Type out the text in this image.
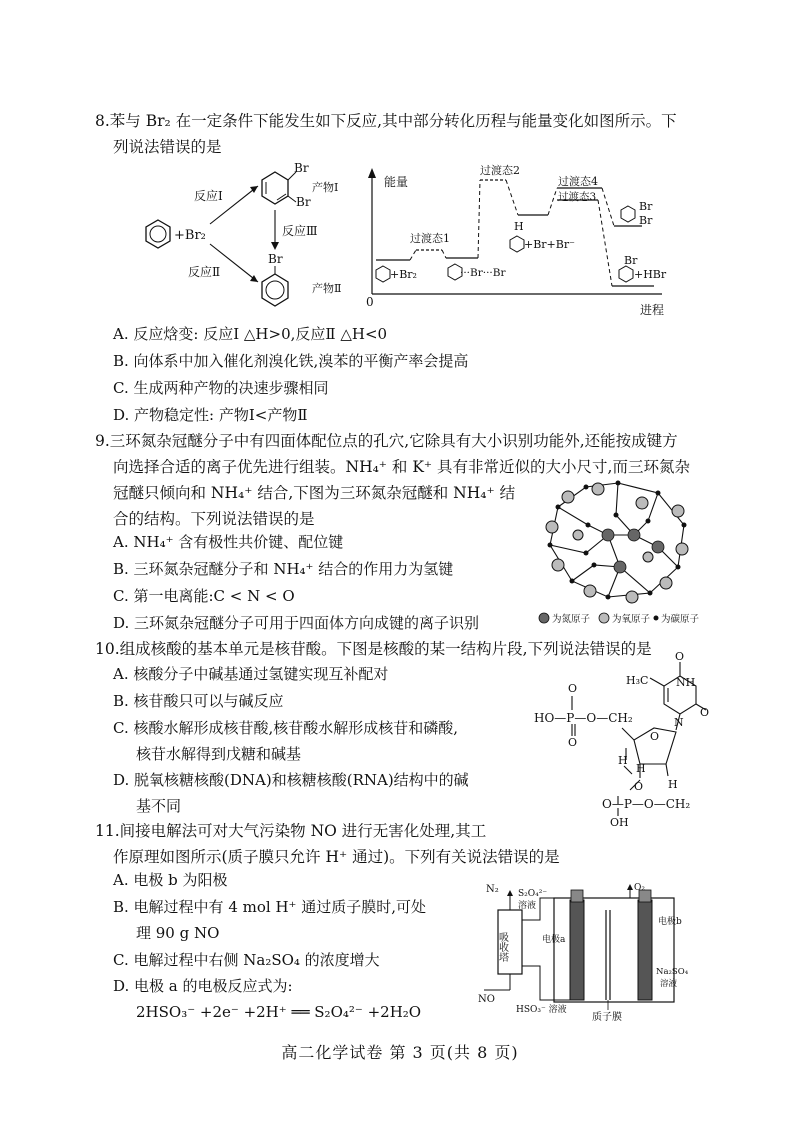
8.苯与 Br₂ 在一定条件下能发生如下反应,其中部分转化历程与能量变化如图所示。下
列说法错误的是
+Br₂
反应Ⅰ
反应Ⅱ
Br
Br
产物Ⅰ
反应Ⅲ
Br
产物Ⅱ
能量
进程
0
过渡态1
过渡态2
过渡态4
过渡态3
+Br₂	···Br···Br
H
+Br+Br⁻
Br
Br
Br
+HBr
A. 反应焓变: 反应Ⅰ △H>0,反应Ⅱ △H<0
B. 向体系中加入催化剂溴化铁,溴苯的平衡产率会提高
C. 生成两种产物的决速步骤相同
D. 产物稳定性: 产物Ⅰ<产物Ⅱ
9.三环氮杂冠醚分子中有四面体配位点的孔穴,它除具有大小识别功能外,还能按成键方
向选择合适的离子优先进行组装。NH₄⁺ 和 K⁺ 具有非常近似的大小尺寸,而三环氮杂
冠醚只倾向和 NH₄⁺ 结合,下图为三环氮杂冠醚和 NH₄⁺ 结
合的结构。下列说法错误的是
A. NH₄⁺ 含有极性共价键、配位键
B. 三环氮杂冠醚分子和 NH₄⁺ 结合的作用力为氢键
C. 第一电离能:C < N < O
D. 三环氮杂冠醚分子可用于四面体方向成键的离子识别	为氮原子 为氧原子 为碳原子
10.组成核酸的基本单元是核苷酸。下图是核酸的某一结构片段,下列说法错误的是
A. 核酸分子中碱基通过氢键实现互补配对
B. 核苷酸只可以与碱反应
C. 核酸水解形成核苷酸,核苷酸水解形成核苷和磷酸,
核苷水解得到戊糖和碱基
D. 脱氧核糖核酸(DNA)和核糖核酸(RNA)结构中的碱
基不同
O
NH
O
H₃C
N
O
O
HO—P—O—CH₂
O
H
H
H
O
O—P—O—CH₂
OH
11.间接电解法可对大气污染物 NO 进行无害化处理,其工
作原理如图所示(质子膜只允许 H⁺ 通过)。下列有关说法错误的是
A. 电极 b 为阳极
B. 电解过程中有 4 mol H⁺ 通过质子膜时,可处
理 90 g NO
C. 电解过程中右侧 Na₂SO₄ 的浓度增大
D. 电极 a 的电极反应式为:
2HSO₃⁻ +2e⁻ +2H⁺ ══ S₂O₄²⁻ +2H₂O
吸收塔
N₂
NO
S₂O₄²⁻
溶液
HSO₃⁻ 溶液
电极a
O₂
电极b
Na₂SO₄
溶液
质子膜
高二化学试卷 第 3 页(共 8 页)
